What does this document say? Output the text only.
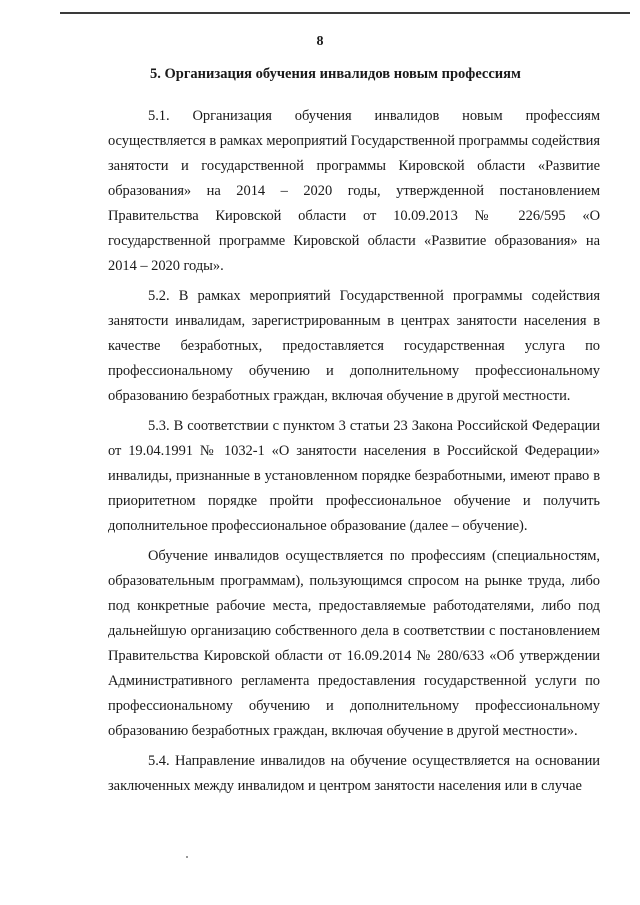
8
5. Организация обучения инвалидов новым профессиям

5.1. Организация обучения инвалидов новым профессиям осуществляется в рамках мероприятий Государственной программы содействия занятости и государственной программы Кировской области «Развитие образования» на 2014 – 2020 годы, утвержденной постановлением Правительства Кировской области от 10.09.2013 № 226/595 «О государственной программе Кировской области «Развитие образования» на 2014 – 2020 годы».

5.2. В рамках мероприятий Государственной программы содействия занятости инвалидам, зарегистрированным в центрах занятости населения в качестве безработных, предоставляется государственная услуга по профессиональному обучению и дополнительному профессиональному образованию безработных граждан, включая обучение в другой местности.

5.3. В соответствии с пунктом 3 статьи 23 Закона Российской Федерации от 19.04.1991 № 1032-1 «О занятости населения в Российской Федерации» инвалиды, признанные в установленном порядке безработными, имеют право в приоритетном порядке пройти профессиональное обучение и получить дополнительное профессиональное образование (далее – обучение).

Обучение инвалидов осуществляется по профессиям (специальностям, образовательным программам), пользующимся спросом на рынке труда, либо под конкретные рабочие места, предоставляемые работодателями, либо под дальнейшую организацию собственного дела в соответствии с постановлением Правительства Кировской области от 16.09.2014 № 280/633 «Об утверждении Административного регламента предоставления государственной услуги по профессиональному обучению и дополнительному профессиональному образованию безработных граждан, включая обучение в другой местности».

5.4. Направление инвалидов на обучение осуществляется на основании заключенных между инвалидом и центром занятости населения или в случае
